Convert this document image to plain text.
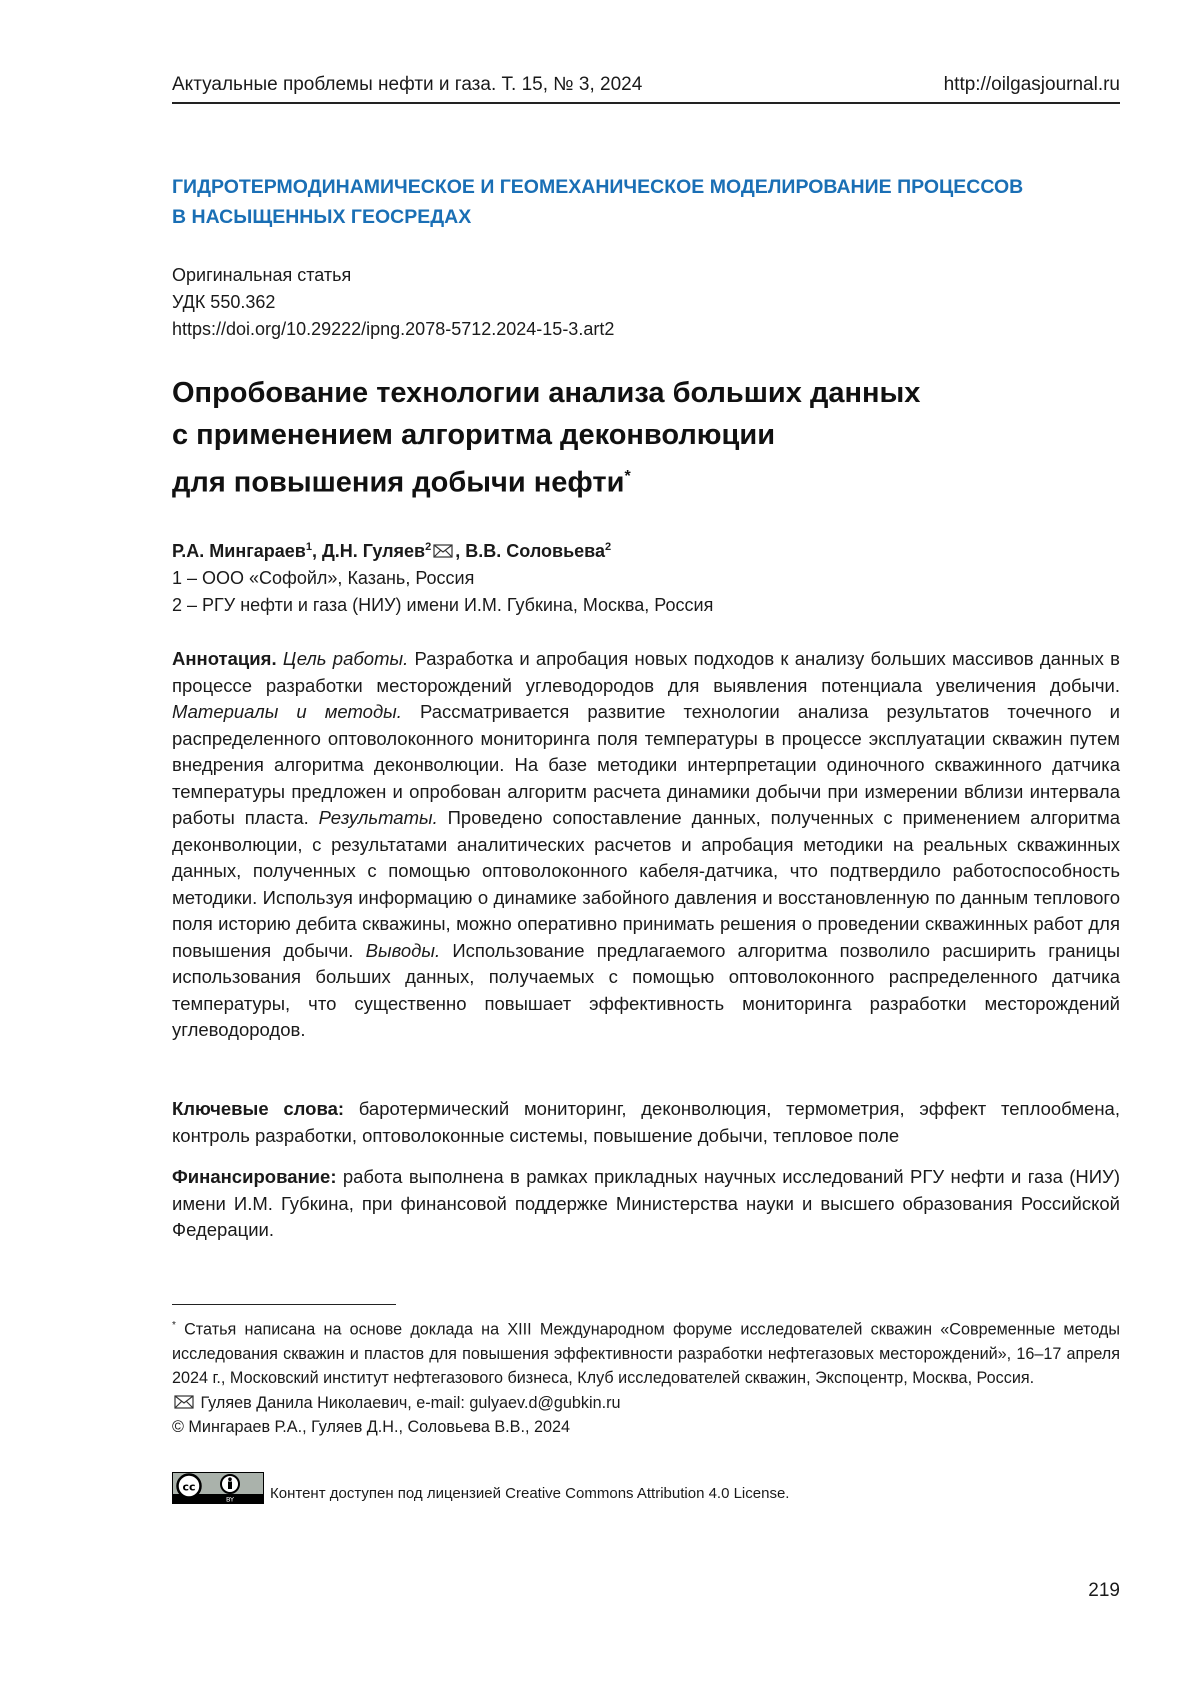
Актуальные проблемы нефти и газа. Т. 15, № 3, 2024	http://oilgasjournal.ru
ГИДРОТЕРМОДИНАМИЧЕСКОЕ И ГЕОМЕХАНИЧЕСКОЕ МОДЕЛИРОВАНИЕ ПРОЦЕССОВ
В НАСЫЩЕННЫХ ГЕОСРЕДАХ
Оригинальная статья
УДК 550.362
https://doi.org/10.29222/ipng.2078-5712.2024-15-3.art2
Опробование технологии анализа больших данных
с применением алгоритма деконволюции
для повышения добычи нефти*
Р.А. Мингараев$^1$, Д.Н. Гуляев$^2$ , В.В. Соловьева$^2$
1 – ООО «Софойл», Казань, Россия
2 – РГУ нефти и газа (НИУ) имени И.М. Губкина, Москва, Россия
Аннотация. Цель работы. Разработка и апробация новых подходов к анализу больших массивов данных в процессе разработки месторождений углеводородов для выявления потенциала увеличения добычи. Материалы и методы. Рассматривается развитие технологии анализа результатов точечного и распределенного оптоволоконного мониторинга поля температуры в процессе эксплуатации скважин путем внедрения алгоритма деконволюции. На базе методики интерпретации одиночного скважинного датчика температуры предложен и опробован алгоритм расчета динамики добычи при измерении вблизи интервала работы пласта. Результаты. Проведено сопоставление данных, полученных с применением алгоритма деконволюции, с результатами аналитических расчетов и апробация методики на реальных скважинных данных, полученных с помощью оптоволоконного кабеля-датчика, что подтвердило работоспособность методики. Используя информацию о динамике забойного давления и восстановленную по данным теплового поля историю дебита скважины, можно оперативно принимать решения о проведении скважинных работ для повышения добычи. Выводы. Использование предлагаемого алгоритма позволило расширить границы использования больших данных, получаемых с помощью оптоволоконного распределенного датчика температуры, что существенно повышает эффективность мониторинга разработки месторождений углеводородов.
Ключевые слова: баротермический мониторинг, деконволюция, термометрия, эффект теплообмена, контроль разработки, оптоволоконные системы, повышение добычи, тепловое поле
Финансирование: работа выполнена в рамках прикладных научных исследований РГУ нефти и газа (НИУ) имени И.М. Губкина, при финансовой поддержке Министерства науки и высшего образования Российской Федерации.
* Статья написана на основе доклада на XIII Международном форуме исследователей скважин «Современные методы исследования скважин и пластов для повышения эффективности разработки нефтегазовых месторождений», 16–17 апреля 2024 г., Московский институт нефтегазового бизнеса, Клуб исследователей скважин, Экспоцентр, Москва, Россия.
Гуляев Данила Николаевич, e-mail: gulyaev.d@gubkin.ru
© Мингараев Р.А., Гуляев Д.Н., Соловьева В.В., 2024
cc
BY Контент доступен под лицензией Creative Commons Attribution 4.0 License.
219
